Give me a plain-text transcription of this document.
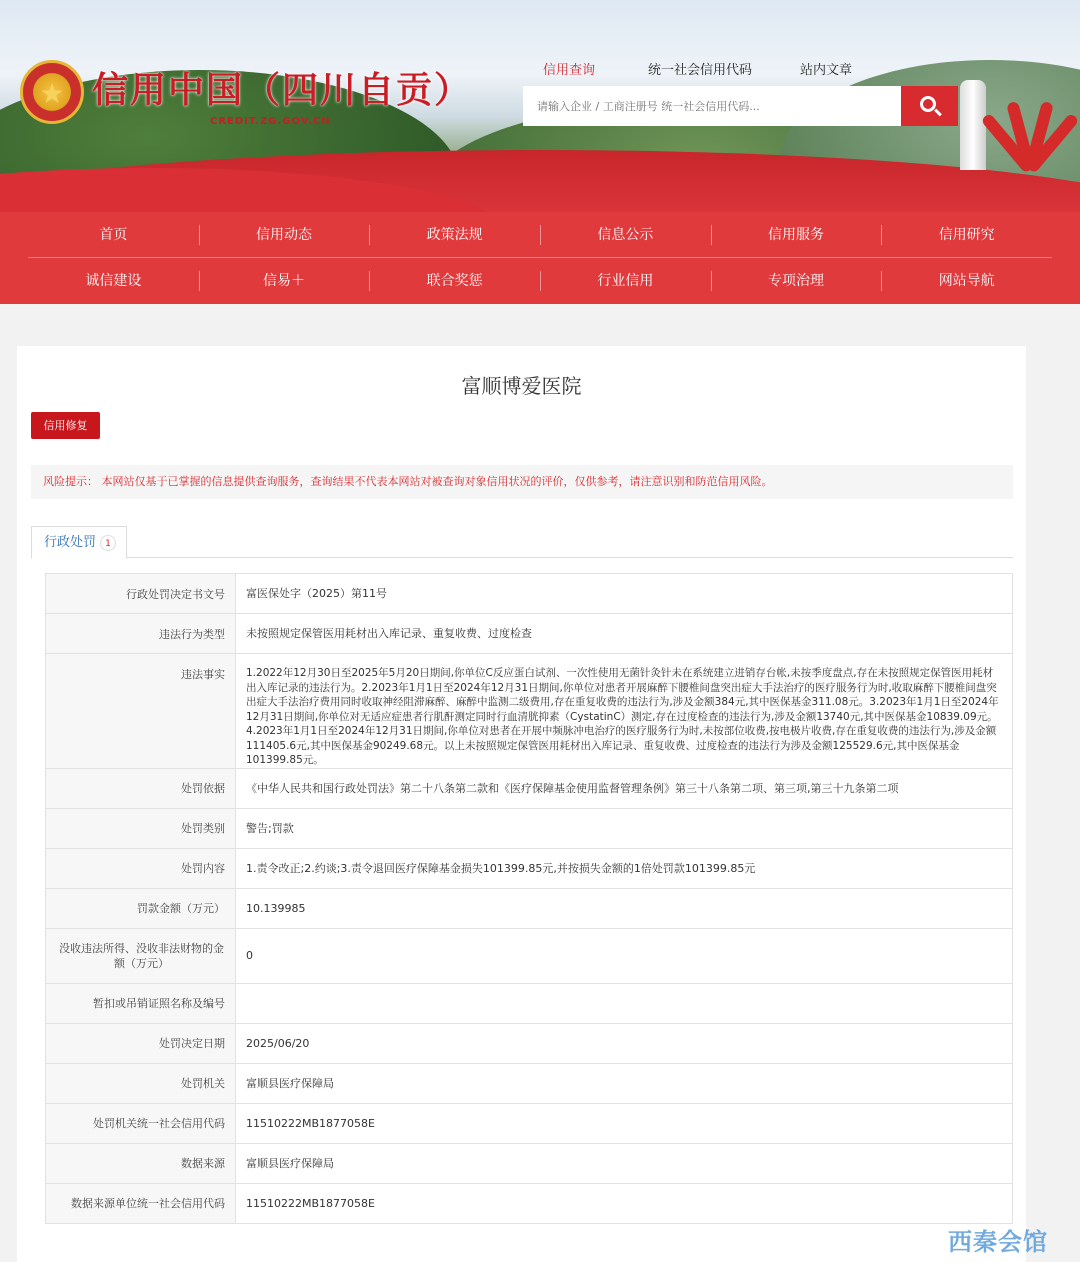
★ 信用中国（四川自贡）
CREDIT.ZG.GOV.CN
信用查询	统一社会信用代码	站内文章
请输入企业 / 工商注册号 统一社会信用代码...
首页	信用动态	政策法规	信息公示	信用服务	信用研究
诚信建设	信易＋	联合奖惩	行业信用	专项治理	网站导航
富顺博爱医院
信用修复
风险提示： 本网站仅基于已掌握的信息提供查询服务，查询结果不代表本网站对被查询对象信用状况的评价，仅供参考，请注意识别和防范信用风险。
行政处罚 1
行政处罚决定书文号	富医保处字（2025）第11号
违法行为类型	未按照规定保管医用耗材出入库记录、重复收费、过度检查
违法事实	1.2022年12月30日至2025年5月20日期间,你单位C反应蛋白试剂、一次性使用无菌针灸针未在系统建立进销存台帐,未按季度盘点,存在未按照规定保管医用耗材出入库记录的违法行为。2.2023年1月1日至2024年12月31日期间,你单位对患者开展麻醉下腰椎间盘突出症大手法治疗的医疗服务行为时,收取麻醉下腰椎间盘突出症大手法治疗费用同时收取神经阻滞麻醉、麻醉中监测二级费用,存在重复收费的违法行为,涉及金额384元,其中医保基金311.08元。3.2023年1月1日至2024年12月31日期间,你单位对无适应症患者行肌酐测定同时行血清胱抑素（CystatinC）测定,存在过度检查的违法行为,涉及金额13740元,其中医保基金10839.09元。4.2023年1月1日至2024年12月31日期间,你单位对患者在开展中频脉冲电治疗的医疗服务行为时,未按部位收费,按电极片收费,存在重复收费的违法行为,涉及金额111405.6元,其中医保基金90249.68元。以上未按照规定保管医用耗材出入库记录、重复收费、过度检查的违法行为涉及金额125529.6元,其中医保基金101399.85元。
处罚依据	《中华人民共和国行政处罚法》第二十八条第二款和《医疗保障基金使用监督管理条例》第三十八条第二项、第三项,第三十九条第二项
处罚类别	警告;罚款
处罚内容	1.责令改正;2.约谈;3.责令退回医疗保障基金损失101399.85元,并按损失金额的1倍处罚款101399.85元
罚款金额（万元）	10.139985
没收违法所得、没收非法财物的金额（万元）	0
暂扣或吊销证照名称及编号	
处罚决定日期	2025/06/20
处罚机关	富顺县医疗保障局
处罚机关统一社会信用代码	11510222MB1877058E
数据来源	富顺县医疗保障局
数据来源单位统一社会信用代码	11510222MB1877058E
西秦会馆
